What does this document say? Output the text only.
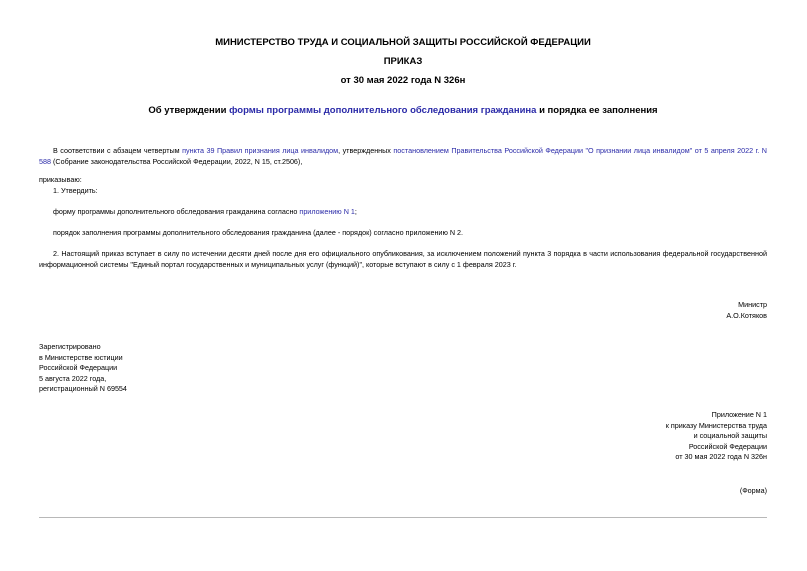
МИНИСТЕРСТВО ТРУДА И СОЦИАЛЬНОЙ ЗАЩИТЫ РОССИЙСКОЙ ФЕДЕРАЦИИ
ПРИКАЗ
от 30 мая 2022 года N 326н
Об утверждении формы программы дополнительного обследования гражданина и порядка ее заполнения
В соответствии с абзацем четвертым пункта 39 Правил признания лица инвалидом, утвержденных постановлением Правительства Российской Федерации "О признании лица инвалидом" от 5 апреля 2022 г. N 588 (Собрание законодательства Российской Федерации, 2022, N 15, ст.2506),
приказываю:
1. Утвердить:
форму программы дополнительного обследования гражданина согласно приложению N 1;
порядок заполнения программы дополнительного обследования гражданина (далее - порядок) согласно приложению N 2.
2. Настоящий приказ вступает в силу по истечении десяти дней после дня его официального опубликования, за исключением положений пункта 3 порядка в части использования федеральной государственной информационной системы "Единый портал государственных и муниципальных услуг (функций)", которые вступают в силу с 1 февраля 2023 г.
Министр
А.О.Котяков
Зарегистрировано
в Министерстве юстиции
Российской Федерации
5 августа 2022 года,
регистрационный N 69554
Приложение N 1
к приказу Министерства труда
и социальной защиты
Российской Федерации
от 30 мая 2022 года N 326н
(Форма)
